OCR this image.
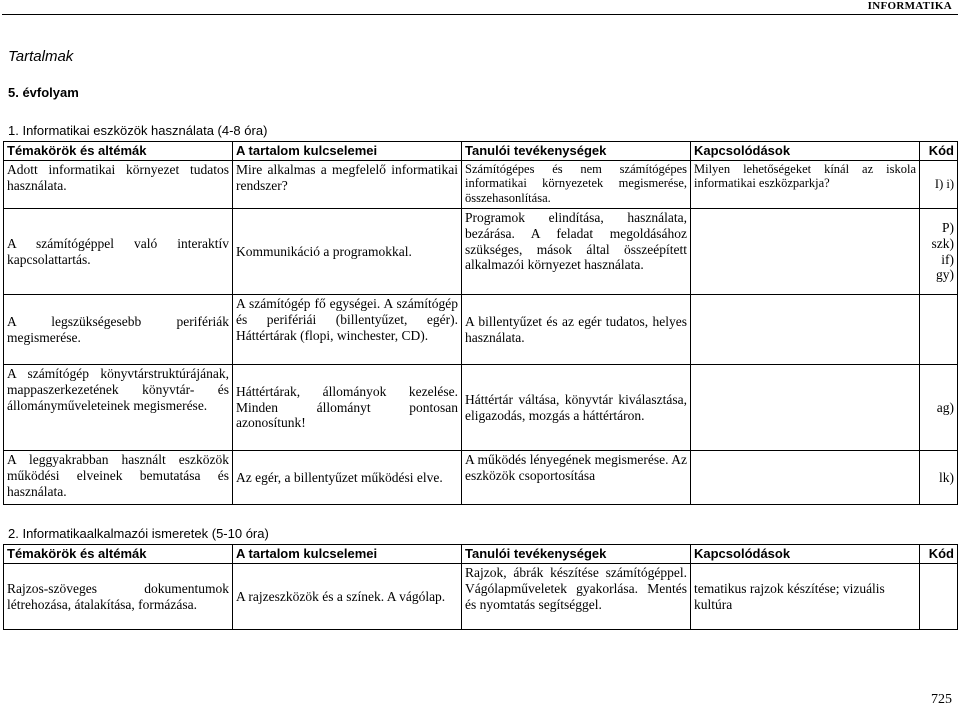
INFORMATIKA
Tartalmak
5. évfolyam
1. Informatikai eszközök használata (4-8 óra)
Témakörök és altémák	A tartalom kulcselemei	Tanulói tevékenységek	Kapcsolódások	Kód
Adott informatikai környezet tudatos használata.	Mire alkalmas a megfelelő informatikai rendszer?	Számítógépes és nem számítógépes informatikai környezetek megismerése, összehasonlítása.	Milyen lehetőségeket kínál az iskola informatikai eszközparkja?	I) i)
A számítógéppel való interaktív kapcsolattartás.	Kommunikáció a programokkal.	Programok elindítása, használata, bezárása. A feladat megoldásához szükséges, mások által összeépített alkalmazói környezet használata.		P) szk) if) gy)
A legszükségesebb perifériák megismerése.	A számítógép fő egységei. A számítógép és perifériái (billentyűzet, egér). Háttértárak (flopi, winchester, CD).	A billentyűzet és az egér tudatos, helyes használata.		
A számítógép könyvtárstruktúrájának, mappaszerkezetének könyvtár- és állományműveleteinek megismerése.	Háttértárak, állományok kezelése. Minden állományt pontosan azonosítunk!	Háttértár váltása, könyvtár kiválasztása, eligazodás, mozgás a háttértáron.		ag)
A leggyakrabban használt eszközök működési elveinek bemutatása és használata.	Az egér, a billentyűzet működési elve.	A működés lényegének megismerése. Az eszközök csoportosítása		lk)
2. Informatikaalkalmazói ismeretek (5-10 óra)
Témakörök és altémák	A tartalom kulcselemei	Tanulói tevékenységek	Kapcsolódások	Kód
Rajzos-szöveges dokumentumok létrehozása, átalakítása, formázása.	A rajzeszközök és a színek. A vágólap.	Rajzok, ábrák készítése számítógéppel. Vágólapműveletek gyakorlása. Mentés és nyomtatás segítséggel.	tematikus rajzok készítése; vizuális kultúra	
725
